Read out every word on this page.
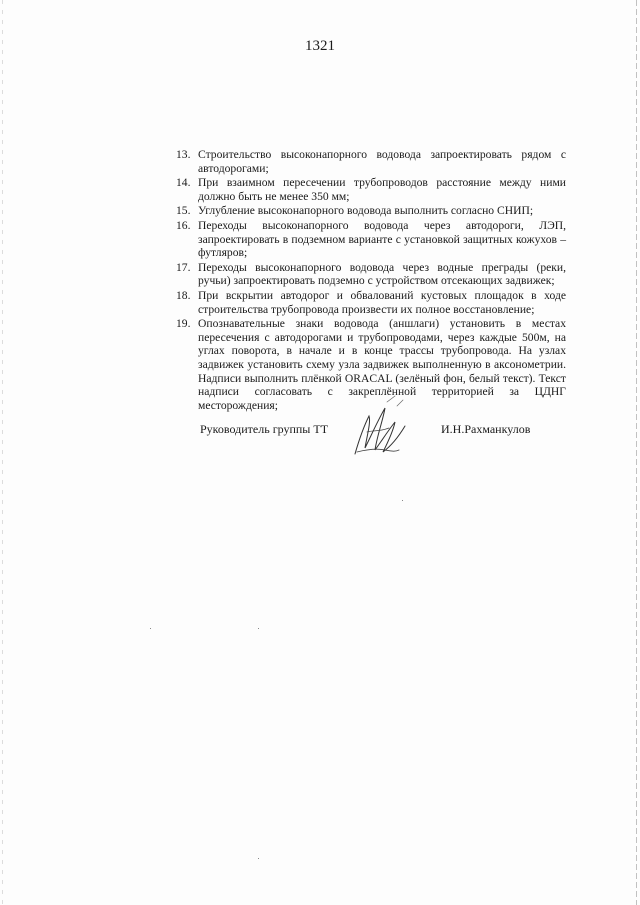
1321
13. Строительство высоконапорного водовода запроектировать рядом с автодорогами;
14. При взаимном пересечении трубопроводов расстояние между ними должно быть не менее 350 мм;
15. Углубление высоконапорного водовода выполнить согласно СНИП;
16. Переходы высоконапорного водовода через автодороги, ЛЭП, запроектировать в подземном варианте с установкой защитных кожухов – футляров;
17. Переходы высоконапорного водовода через водные преграды (реки, ручьи) запроектировать подземно с устройством отсекающих задвижек;
18. При вскрытии автодорог и обвалований кустовых площадок в ходе строительства трубопровода произвести их полное восстановление;
19. Опознавательные знаки водовода (аншлаги) установить в местах пересечения с автодорогами и трубопроводами, через каждые 500м, на углах поворота, в начале и в конце трассы трубопровода. На узлах задвижек установить схему узла задвижек выполненную в аксонометрии. Надписи выполнить плёнкой ORACAL (зелёный фон, белый текст). Текст надписи согласовать с закреплённой территорией за ЦДНГ месторождения;
Руководитель группы ТТ	И.Н.Рахманкулов
